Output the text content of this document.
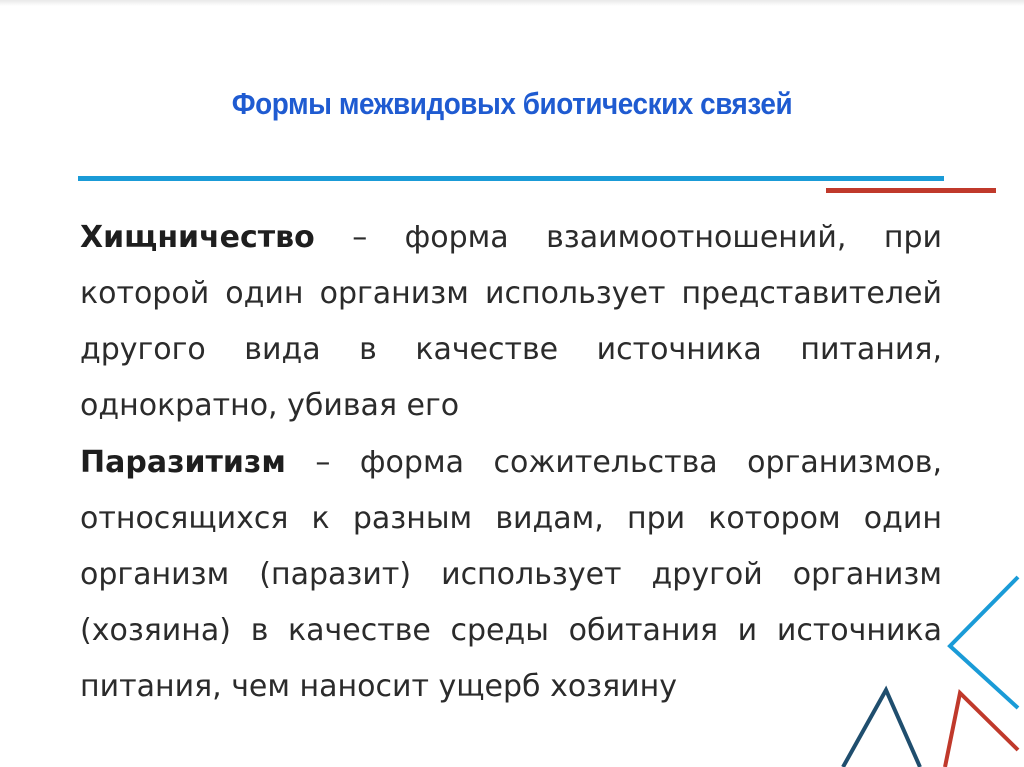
Формы межвидовых биотических связей

Хищничество – форма взаимоотношений, при которой один организм использует представителей другого вида в качестве источника питания, однократно, убивая его

Паразитизм – форма сожительства организмов, относящихся к разным видам, при котором один организм (паразит) использует другой организм (хозяина) в качестве среды обитания и источника питания, чем наносит ущерб хозяину
